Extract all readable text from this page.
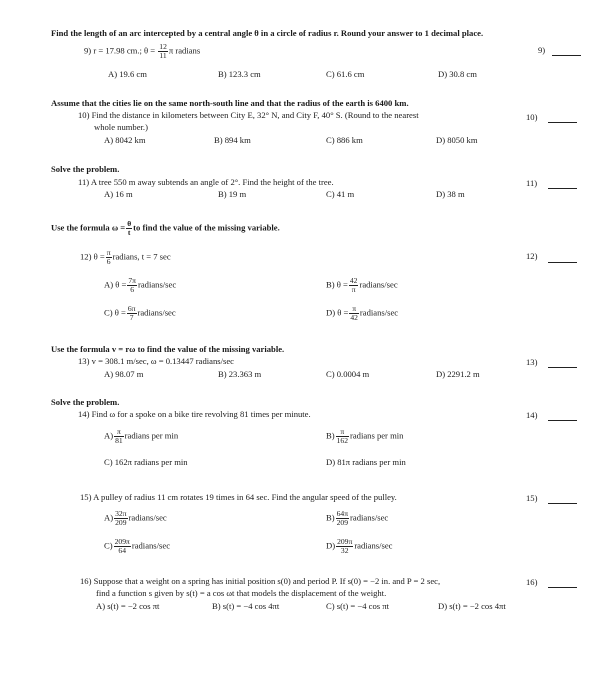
Find the length of an arc intercepted by a central angle θ in a circle of radius r. Round your answer to 1 decimal place.
9) r = 17.98 cm.; $\theta = \frac{12}{11}$ π radians	9)
A) 19.6 cm	B) 123.3 cm	C) 61.6 cm	D) 30.8 cm
Assume that the cities lie on the same north-south line and that the radius of the earth is 6400 km.
10) Find the distance in kilometers between City E, 32° N, and City F, 40° S. (Round to the nearest
whole number.)
10)
A) 8042 km	B) 894 km	C) 886 km	D) 8050 km
Solve the problem.
11) A tree 550 m away subtends an angle of 2°. Find the height of the tree.	11)
A) 16 m	B) 19 m	C) 41 m	D) 38 m
Use the formula $\omega = \frac{\theta}{t}$ to find the value of the missing variable.
12) $\theta = \frac{\pi}{6}$ radians, t = 7 sec	12)
A) $\theta = \frac{7\pi}{6}$ radians/sec	B) $\theta = \frac{42}{\pi}$ radians/sec
C) $\theta = \frac{6\pi}{7}$ radians/sec	D) $\theta = \frac{\pi}{42}$ radians/sec
Use the formula v = rω to find the value of the missing variable.
13) v = 308.1 m/sec, ω = 0.13447 radians/sec	13)
A) 98.07 m	B) 23.363 m	C) 0.0004 m	D) 2291.2 m
Solve the problem.
14) Find ω for a spoke on a bike tire revolving 81 times per minute.	14)
$A) \frac{\pi}{81}$ radians per min	$B) \frac{\pi}{162}$ radians per min
C) 162π radians per min	D) 81π radians per min
15) A pulley of radius 11 cm rotates 19 times in 64 sec. Find the angular speed of the pulley.	15)
$A) \frac{32\pi}{209}$ radians/sec	$B) \frac{64\pi}{209}$ radians/sec
$C) \frac{209\pi}{64}$ radians/sec	$D) \frac{209\pi}{32}$ radians/sec
16) Suppose that a weight on a spring has initial position s(0) and period P. If s(0) = −2 in. and P = 2 sec,
find a function s given by s(t) = a cos ωt that models the displacement of the weight.
16)
A) s(t) = −2 cos πt	B) s(t) = −4 cos 4πt	C) s(t) = −4 cos πt	D) s(t) = −2 cos 4πt
